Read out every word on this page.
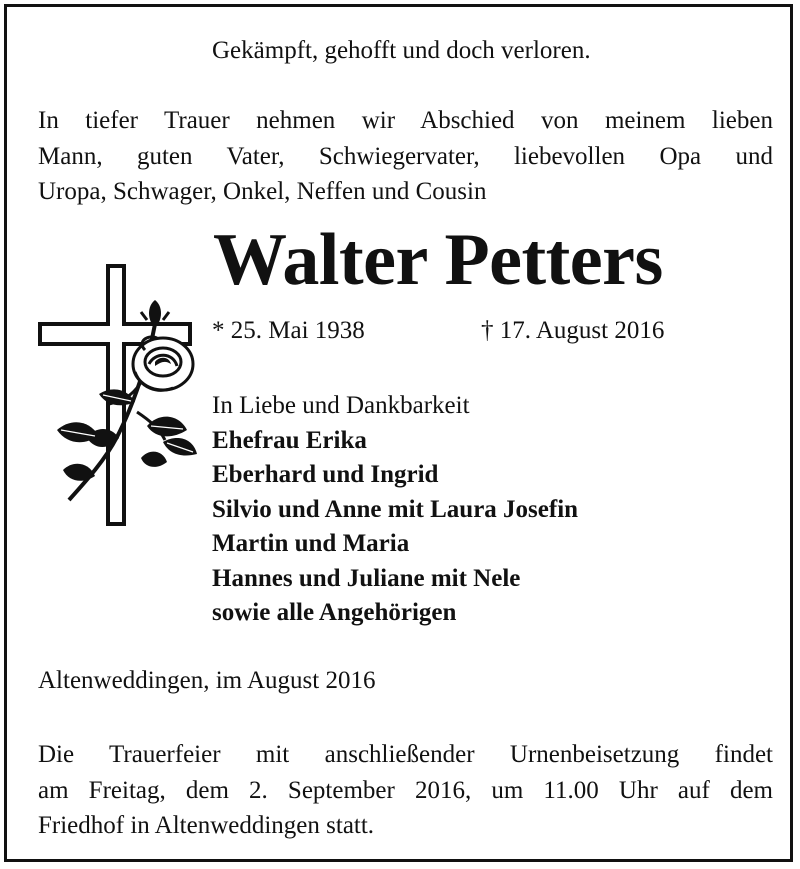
Gekämpft, gehofft und doch verloren.
In tiefer Trauer nehmen wir Abschied von meinem lieben
Mann, guten Vater, Schwiegervater, liebevollen Opa und
Uropa, Schwager, Onkel, Neffen und Cousin
Walter Petters
* 25. Mai 1938	† 17. August 2016
In Liebe und Dankbarkeit
Ehefrau Erika
Eberhard und Ingrid
Silvio und Anne mit Laura Josefin
Martin und Maria
Hannes und Juliane mit Nele
sowie alle Angehörigen
Altenweddingen, im August 2016
Die Trauerfeier mit anschließender Urnenbeisetzung findet
am Freitag, dem 2. September 2016, um 11.00 Uhr auf dem
Friedhof in Altenweddingen statt.
